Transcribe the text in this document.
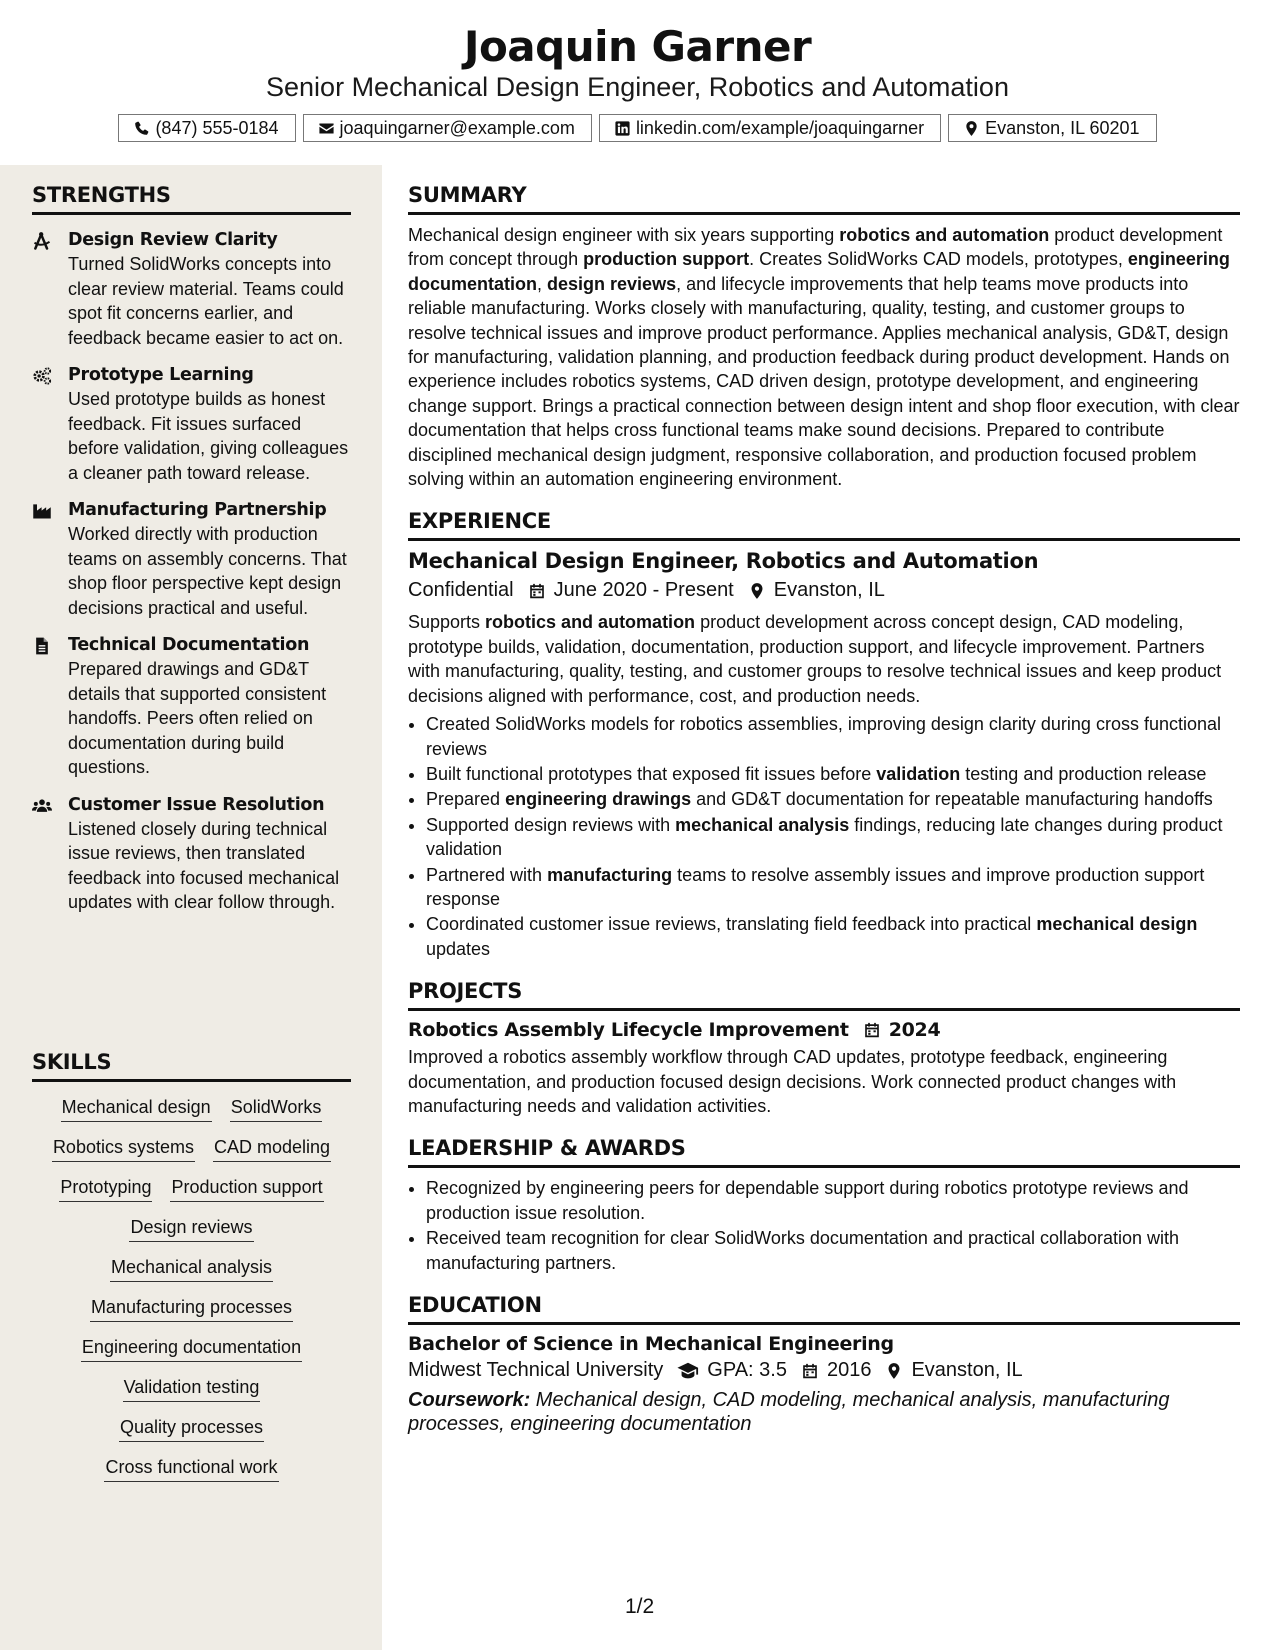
Joaquin Garner
Senior Mechanical Design Engineer, Robotics and Automation
(847) 555-0184	joaquingarner@example.com	linkedin.com/example/joaquingarner	Evanston, IL 60201
STRENGTHS
Design Review Clarity
Turned SolidWorks concepts into clear review material. Teams could spot fit concerns earlier, and feedback became easier to act on.
Prototype Learning
Used prototype builds as honest feedback. Fit issues surfaced before validation, giving colleagues a cleaner path toward release.
Manufacturing Partnership
Worked directly with production teams on assembly concerns. That shop floor perspective kept design decisions practical and useful.
Technical Documentation
Prepared drawings and GD&T details that supported consistent handoffs. Peers often relied on documentation during build questions.
Customer Issue Resolution
Listened closely during technical issue reviews, then translated feedback into focused mechanical updates with clear follow through.
SKILLS
Mechanical design SolidWorks
Robotics systems CAD modeling
Prototyping Production support
Design reviews
Mechanical analysis
Manufacturing processes
Engineering documentation
Validation testing
Quality processes
Cross functional work
SUMMARY
Mechanical design engineer with six years supporting robotics and automation product development from concept through production support. Creates SolidWorks CAD models, prototypes, engineering documentation, design reviews, and lifecycle improvements that help teams move products into reliable manufacturing. Works closely with manufacturing, quality, testing, and customer groups to resolve technical issues and improve product performance. Applies mechanical analysis, GD&T, design for manufacturing, validation planning, and production feedback during product development. Hands on experience includes robotics systems, CAD driven design, prototype development, and engineering change support. Brings a practical connection between design intent and shop floor execution, with clear documentation that helps cross functional teams make sound decisions. Prepared to contribute disciplined mechanical design judgment, responsive collaboration, and production focused problem solving within an automation engineering environment.
EXPERIENCE
Mechanical Design Engineer, Robotics and Automation
Confidential June 2020 - Present Evanston, IL
Supports robotics and automation product development across concept design, CAD modeling, prototype builds, validation, documentation, production support, and lifecycle improvement. Partners with manufacturing, quality, testing, and customer groups to resolve technical issues and keep product decisions aligned with performance, cost, and production needs.
• Created SolidWorks models for robotics assemblies, improving design clarity during cross functional reviews
• Built functional prototypes that exposed fit issues before validation testing and production release
• Prepared engineering drawings and GD&T documentation for repeatable manufacturing handoffs
• Supported design reviews with mechanical analysis findings, reducing late changes during product validation
• Partnered with manufacturing teams to resolve assembly issues and improve production support response
• Coordinated customer issue reviews, translating field feedback into practical mechanical design updates
PROJECTS
Robotics Assembly Lifecycle Improvement 2024
Improved a robotics assembly workflow through CAD updates, prototype feedback, engineering documentation, and production focused design decisions. Work connected product changes with manufacturing needs and validation activities.
LEADERSHIP & AWARDS
• Recognized by engineering peers for dependable support during robotics prototype reviews and production issue resolution.
• Received team recognition for clear SolidWorks documentation and practical collaboration with manufacturing partners.
EDUCATION
Bachelor of Science in Mechanical Engineering
Midwest Technical University GPA: 3.5 2016 Evanston, IL
Coursework: Mechanical design, CAD modeling, mechanical analysis, manufacturing processes, engineering documentation
1/2
